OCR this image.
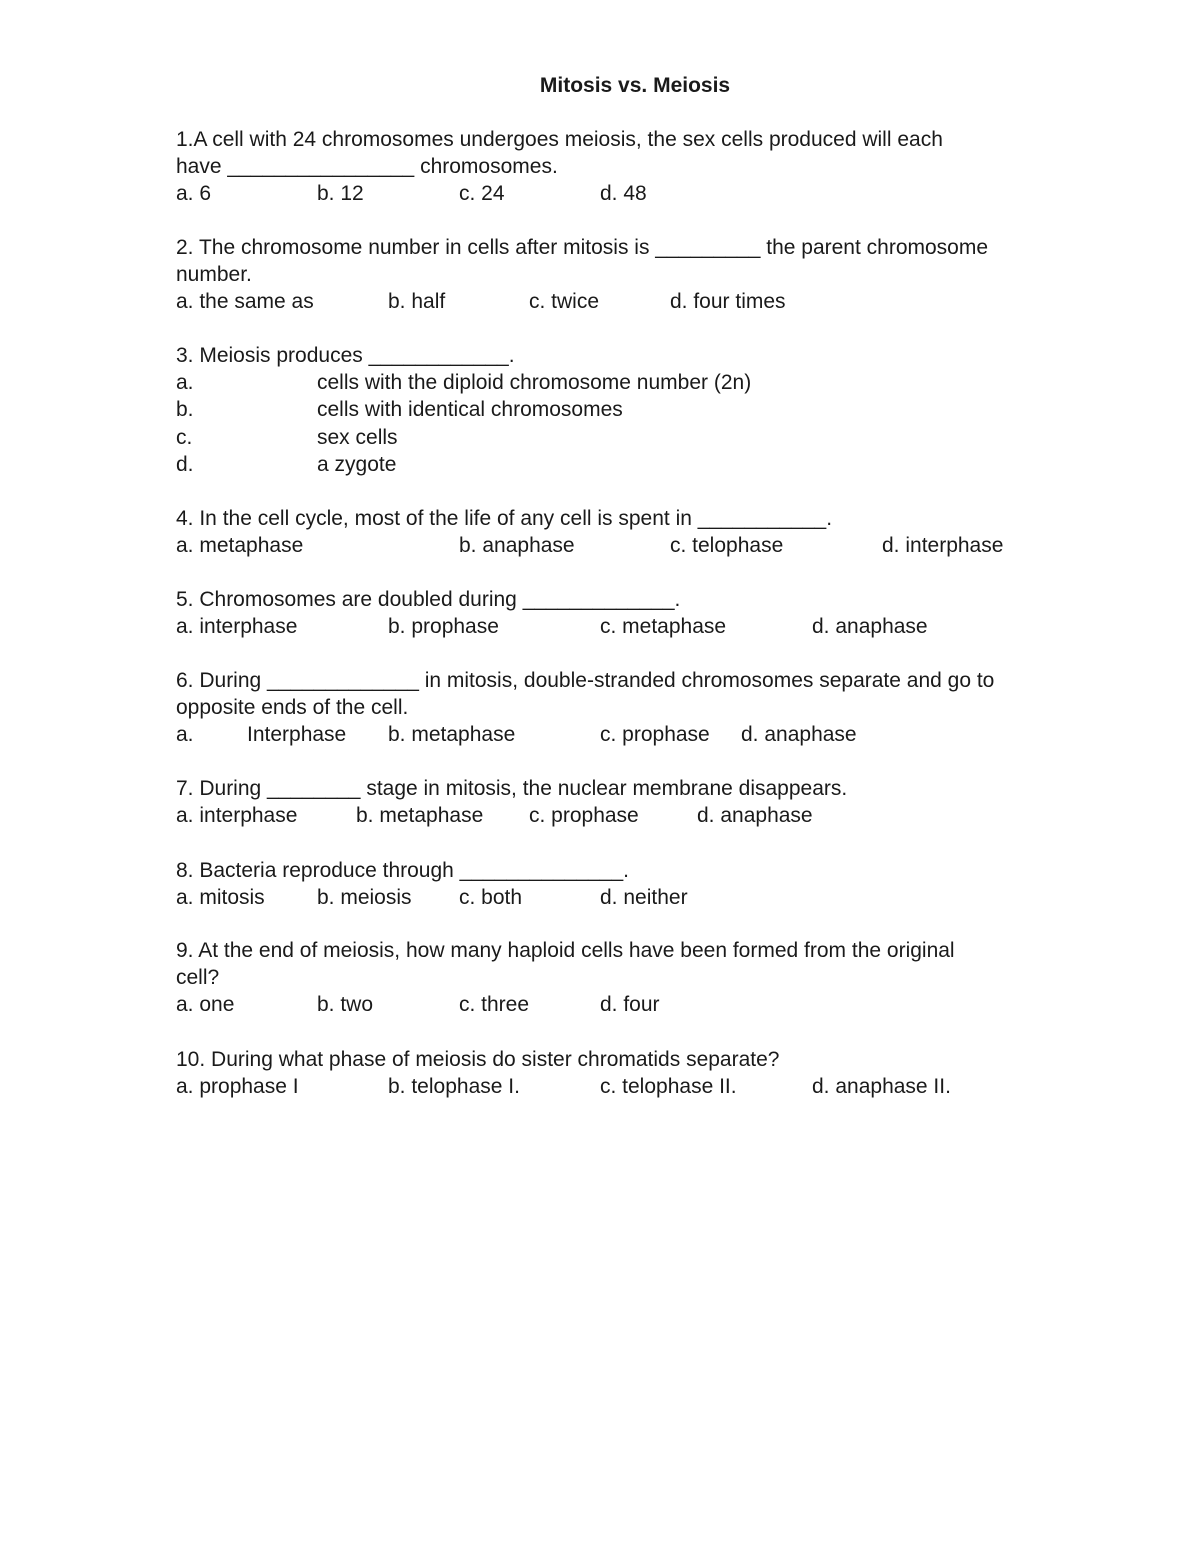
Mitosis vs. Meiosis
1.A cell with 24 chromosomes undergoes meiosis, the sex cells produced will each
have ________________ chromosomes.
a. 6	b. 12	c. 24	d. 48
2. The chromosome number in cells after mitosis is _________ the parent chromosome
number.
a. the same as	b. half	c. twice	d. four times
3. Meiosis produces ____________.
a.	cells with the diploid chromosome number (2n)
b.	cells with identical chromosomes
c.	sex cells
d.	a zygote
4. In the cell cycle, most of the life of any cell is spent in ___________.
a. metaphase	b. anaphase	c. telophase	d. interphase
5. Chromosomes are doubled during _____________.
a. interphase	b. prophase	c. metaphase	d. anaphase
6. During _____________ in mitosis, double-stranded chromosomes separate and go to
opposite ends of the cell.
a.	Interphase b. metaphase	c. prophase d. anaphase
7. During ________ stage in mitosis, the nuclear membrane disappears.
a. interphase	b. metaphase c. prophase	d. anaphase
8. Bacteria reproduce through ______________.
a. mitosis b. meiosis c. both	d. neither
9. At the end of meiosis, how many haploid cells have been formed from the original
cell?
a. one	b. two	c. three	d. four
10. During what phase of meiosis do sister chromatids separate?
a. prophase I	b. telophase I.	c. telophase II.	d. anaphase II.
